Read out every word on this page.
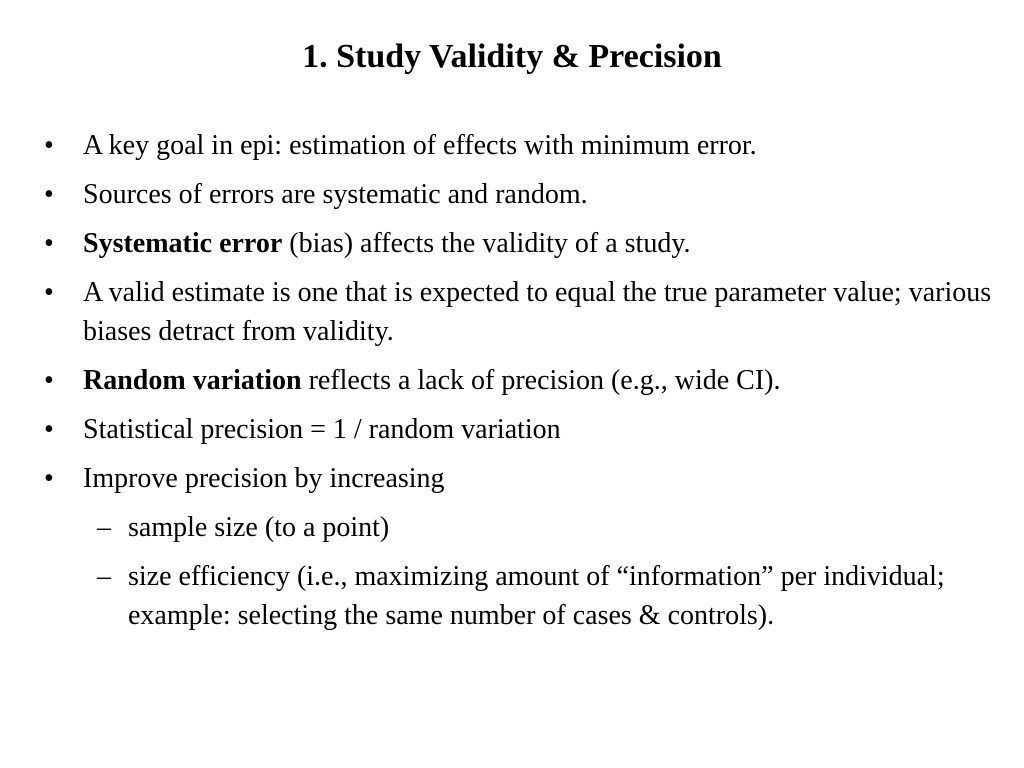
1. Study Validity & Precision
•	A key goal in epi: estimation of effects with minimum error.
•	Sources of errors are systematic and random.
•	Systematic error (bias) affects the validity of a study.
•	A valid estimate is one that is expected to equal the true parameter value; various biases detract from validity.
•	Random variation reflects a lack of precision (e.g., wide CI).
•	Statistical precision = 1 / random variation
•	Improve precision by increasing
– sample size (to a point)
– size efficiency (i.e., maximizing amount of “information” per individual; example: selecting the same number of cases & controls).
